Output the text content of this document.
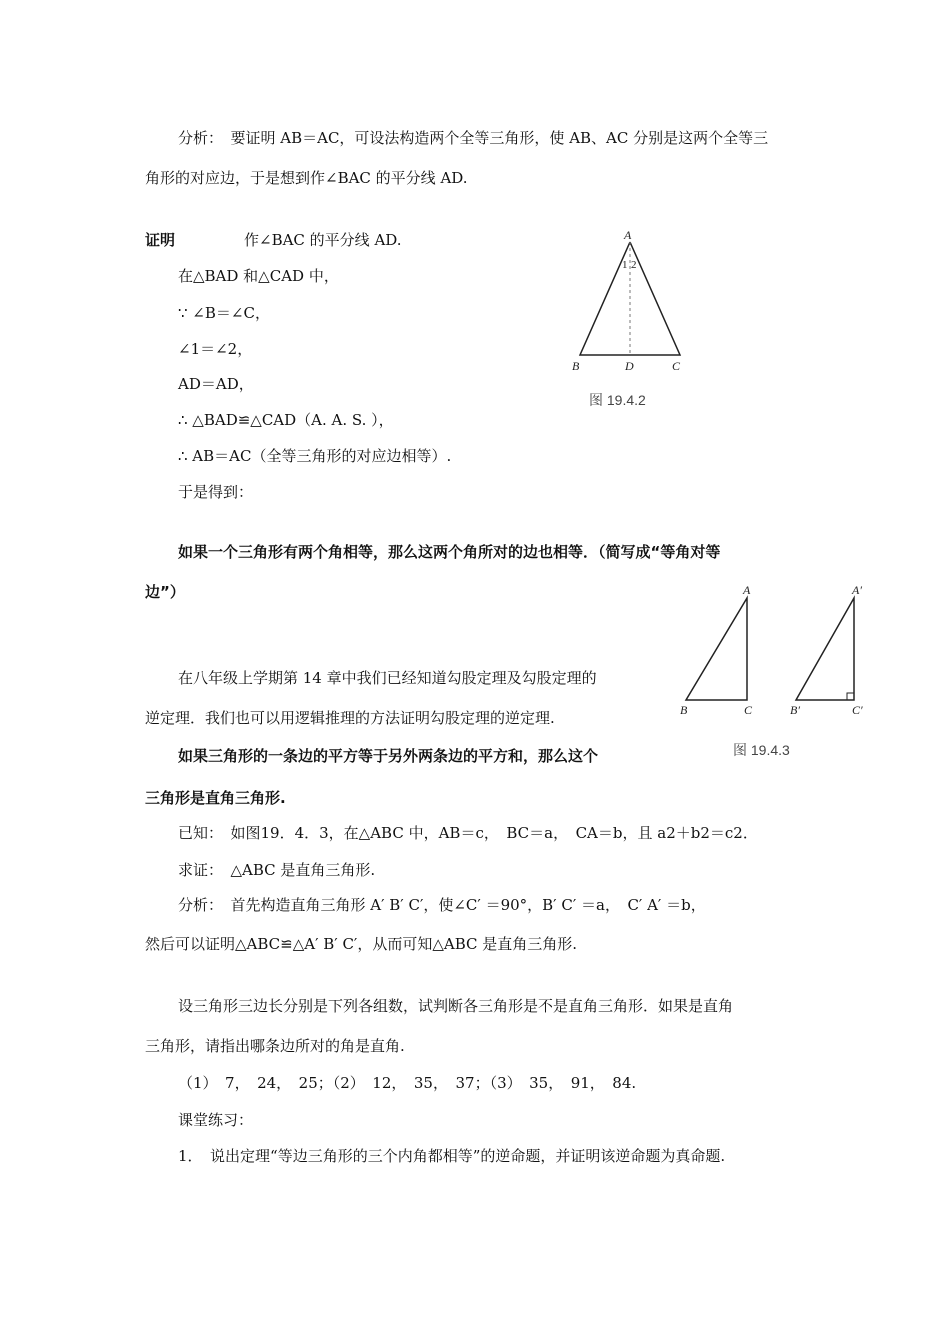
分析：　要证明 AB＝AC，可设法构造两个全等三角形，使 AB、AC 分别是这两个全等三
角形的对应边，于是想到作∠BAC 的平分线 AD.
证明	作∠BAC 的平分线 AD.
在△BAD 和△CAD 中，
∵ ∠B＝∠C，
∠1＝∠2，
AD＝AD，
∴ △BAD≌△CAD（A. A. S. ），
∴ AB＝AC（全等三角形的对应边相等）.
于是得到：
A
1 2
B	D	C
图 19.4.2
如果一个三角形有两个角相等，那么这两个角所对的边也相等．（简写成“等角对等
边”）
在八年级上学期第 14 章中我们已经知道勾股定理及勾股定理的
逆定理．我们也可以用逻辑推理的方法证明勾股定理的逆定理.
A
B	C
A′
B′	C′
图 19.4.3
如果三角形的一条边的平方等于另外两条边的平方和，那么这个
三角形是直角三角形.
已知：　如图19．4．3，在△ABC 中，AB＝c，　BC＝a，　CA＝b，且 a2＋b2＝c2．
求证：　△ABC 是直角三角形.
分析：　首先构造直角三角形 A′ B′ C′，使∠C′ ＝90°，B′ C′ ＝a，　C′ A′ ＝b，
然后可以证明△ABC≌△A′ B′ C′，从而可知△ABC 是直角三角形.
设三角形三边长分别是下列各组数，试判断各三角形是不是直角三角形．如果是直角
三角形，请指出哪条边所对的角是直角.
（1）　7，　24，　25；（2）　12，　35，　37；（3）　35，　91，　84.
课堂练习：
1．　说出定理“等边三角形的三个内角都相等”的逆命题，并证明该逆命题为真命题.
